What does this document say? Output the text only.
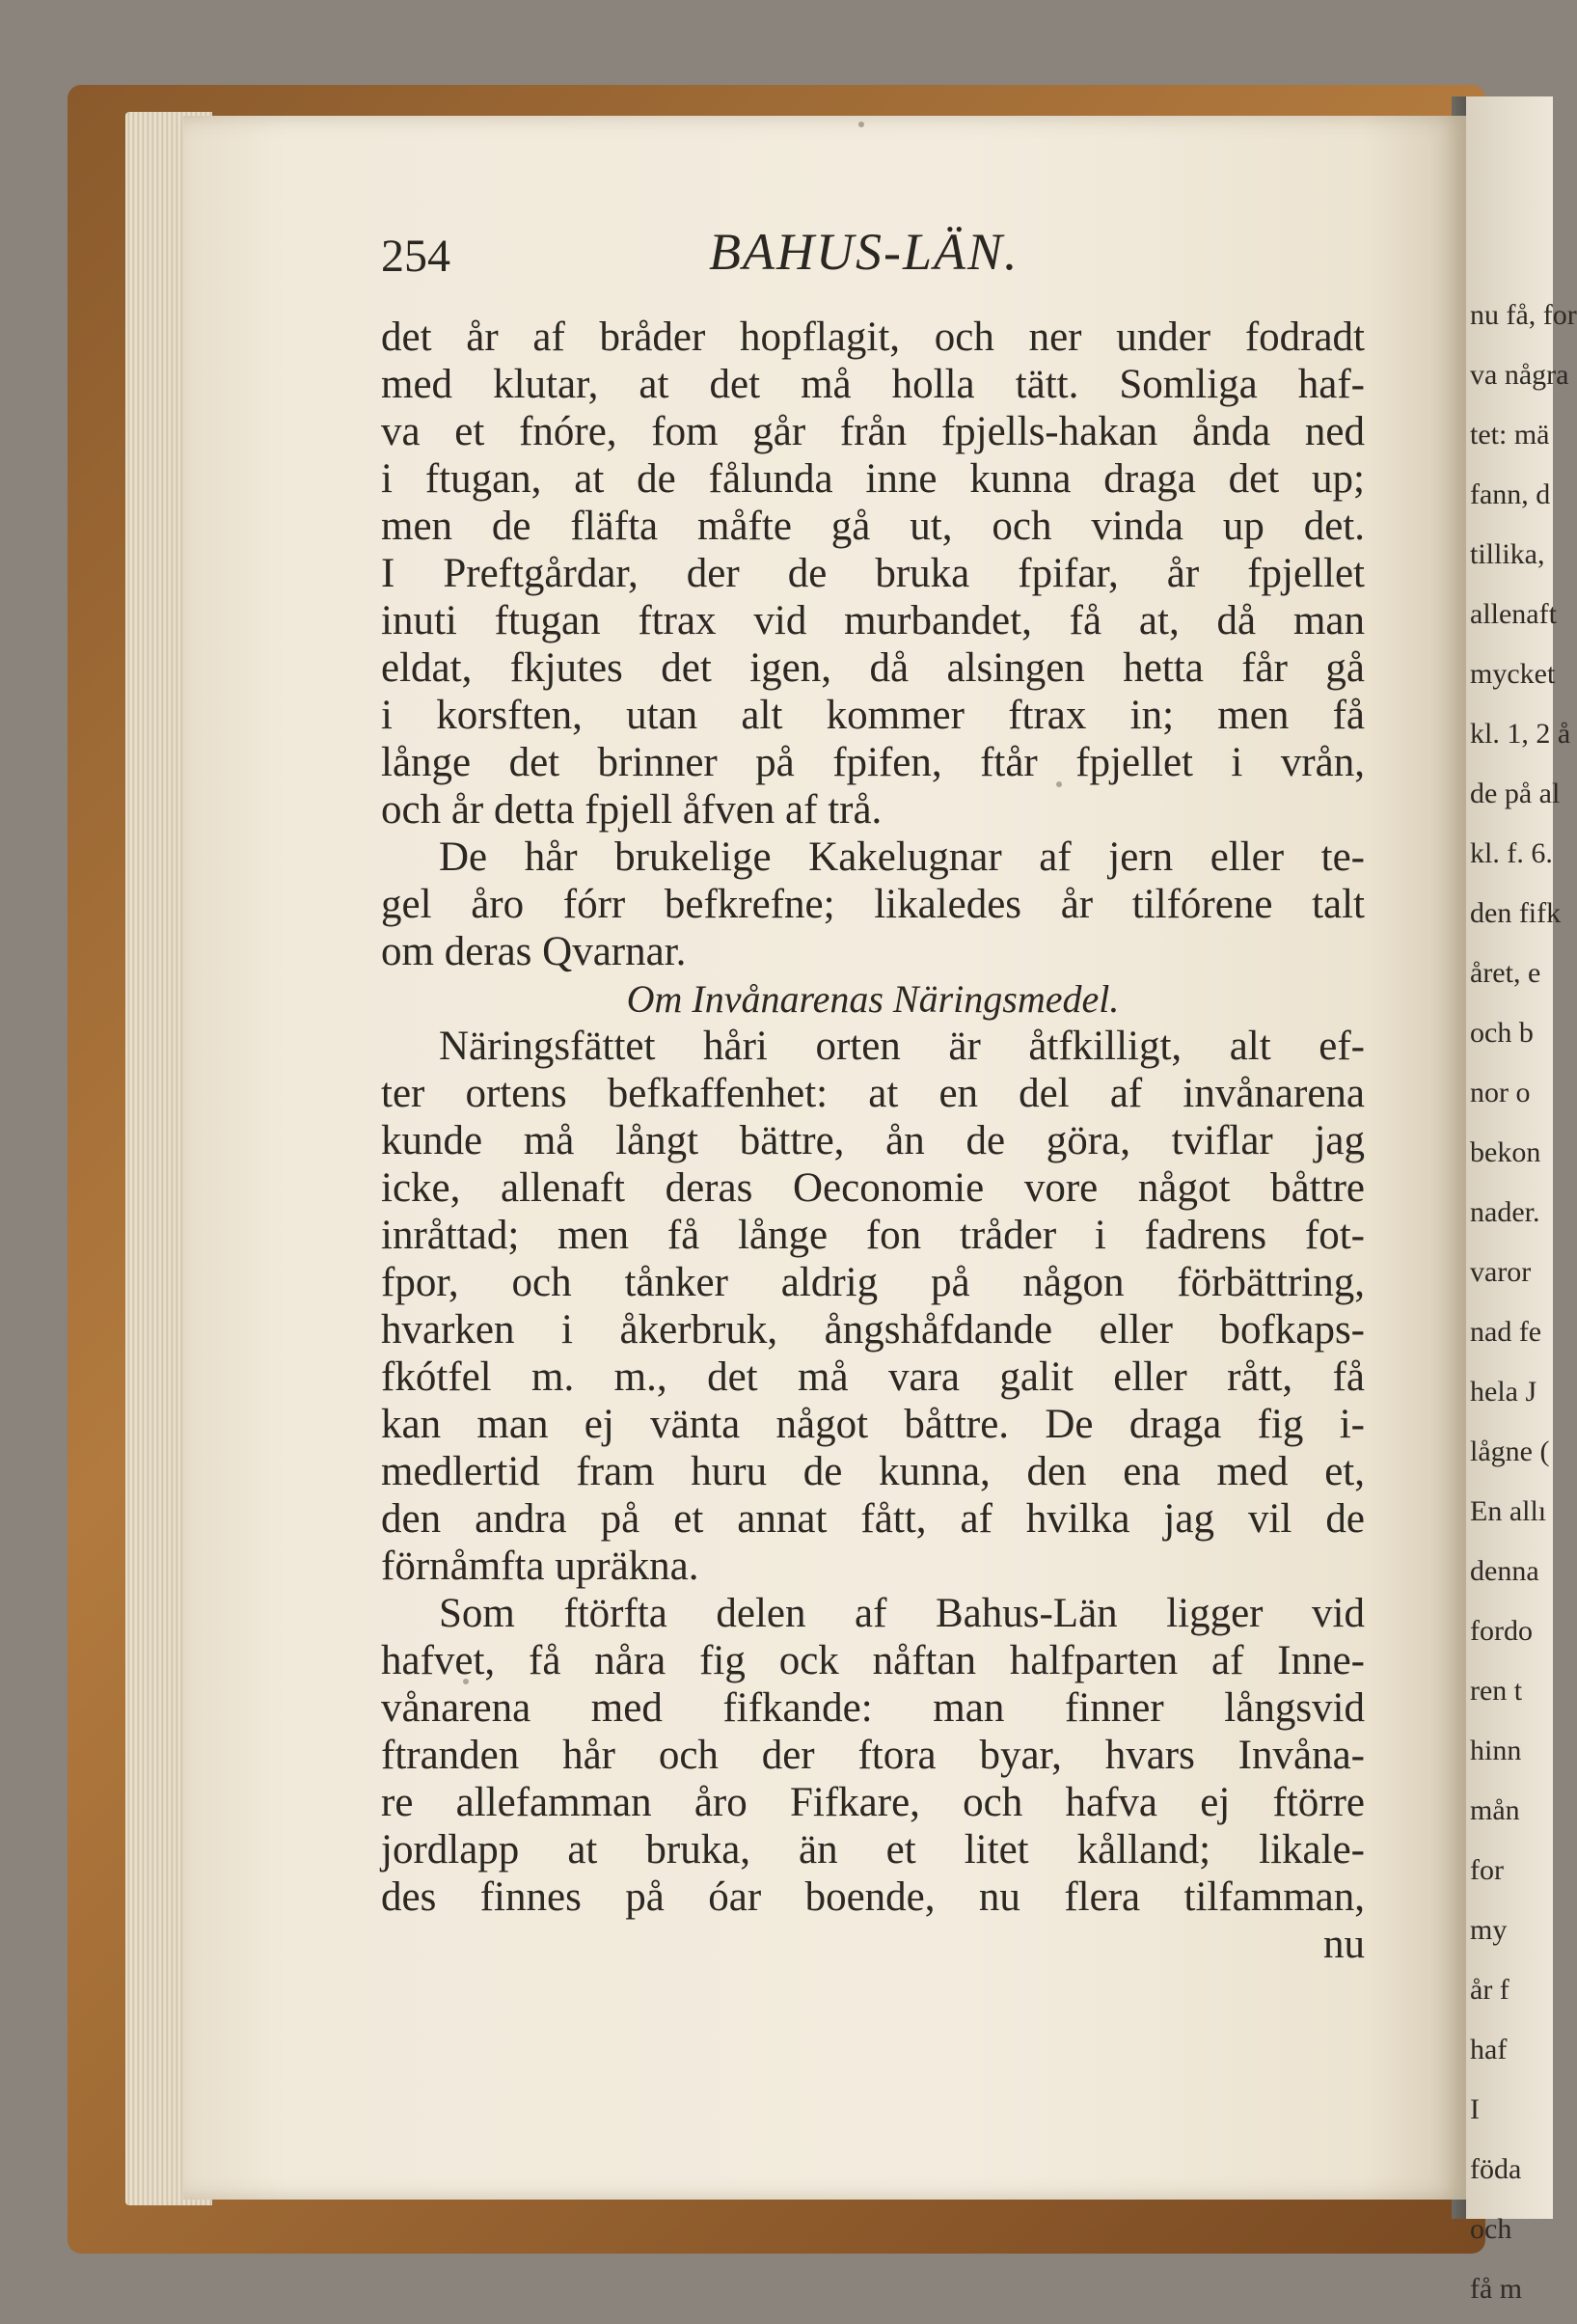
nu få, for
va några
tet: mä
fann, d
tillika,
allenaft
mycket
kl. 1, 2 å
de på al
kl. f. 6.
den fifk
året, e
och b
nor o
bekon
nader.
varor
nad fe
hela J
lågne (
En allı
denna
fordo
ren t
hinn
mån
for
my
år f
haf
I
föda
och
få m
254	BAHUS-LÄN.
det år af bråder hopflagit, och ner under fodradt
med klutar, at det må holla tätt. Somliga haf-
va et fnóre, fom går från fpjells-hakan ånda ned
i ftugan, at de fålunda inne kunna draga det up;
men de fläfta måfte gå ut, och vinda up det.
I Preftgårdar, der de bruka fpifar, år fpjellet
inuti ftugan ftrax vid murbandet, få at, då man
eldat, fkjutes det igen, då alsingen hetta får gå
i korsften, utan alt kommer ftrax in; men få
långe det brinner på fpifen, ftår fpjellet i vrån,
och år detta fpjell åfven af trå.
De hår brukelige Kakelugnar af jern eller te-
gel åro fórr befkrefne; likaledes år tilfórene talt
om deras Qvarnar.
Om Invånarenas Näringsmedel.
Näringsfättet håri orten är åtfkilligt, alt ef-
ter ortens befkaffenhet: at en del af invånarena
kunde må långt bättre, ån de göra, tviflar jag
icke, allenaft deras Oeconomie vore något båttre
inråttad; men få långe fon tråder i fadrens fot-
fpor, och tånker aldrig på någon förbättring,
hvarken i åkerbruk, ångshåfdande eller bofkaps-
fkótfel m. m., det må vara galit eller rått, få
kan man ej vänta något båttre. De draga fig i-
medlertid fram huru de kunna, den ena med et,
den andra på et annat fått, af hvilka jag vil de
förnåmfta upräkna.
Som ftörfta delen af Bahus-Län ligger vid
hafvet, få nåra fig ock nåftan halfparten af Inne-
vånarena med fifkande: man finner långsvid
ftranden hår och der ftora byar, hvars Invåna-
re allefamman åro Fifkare, och hafva ej ftörre
jordlapp at bruka, än et litet kålland; likale-
des finnes på óar boende, nu flera tilfamman,
nu
